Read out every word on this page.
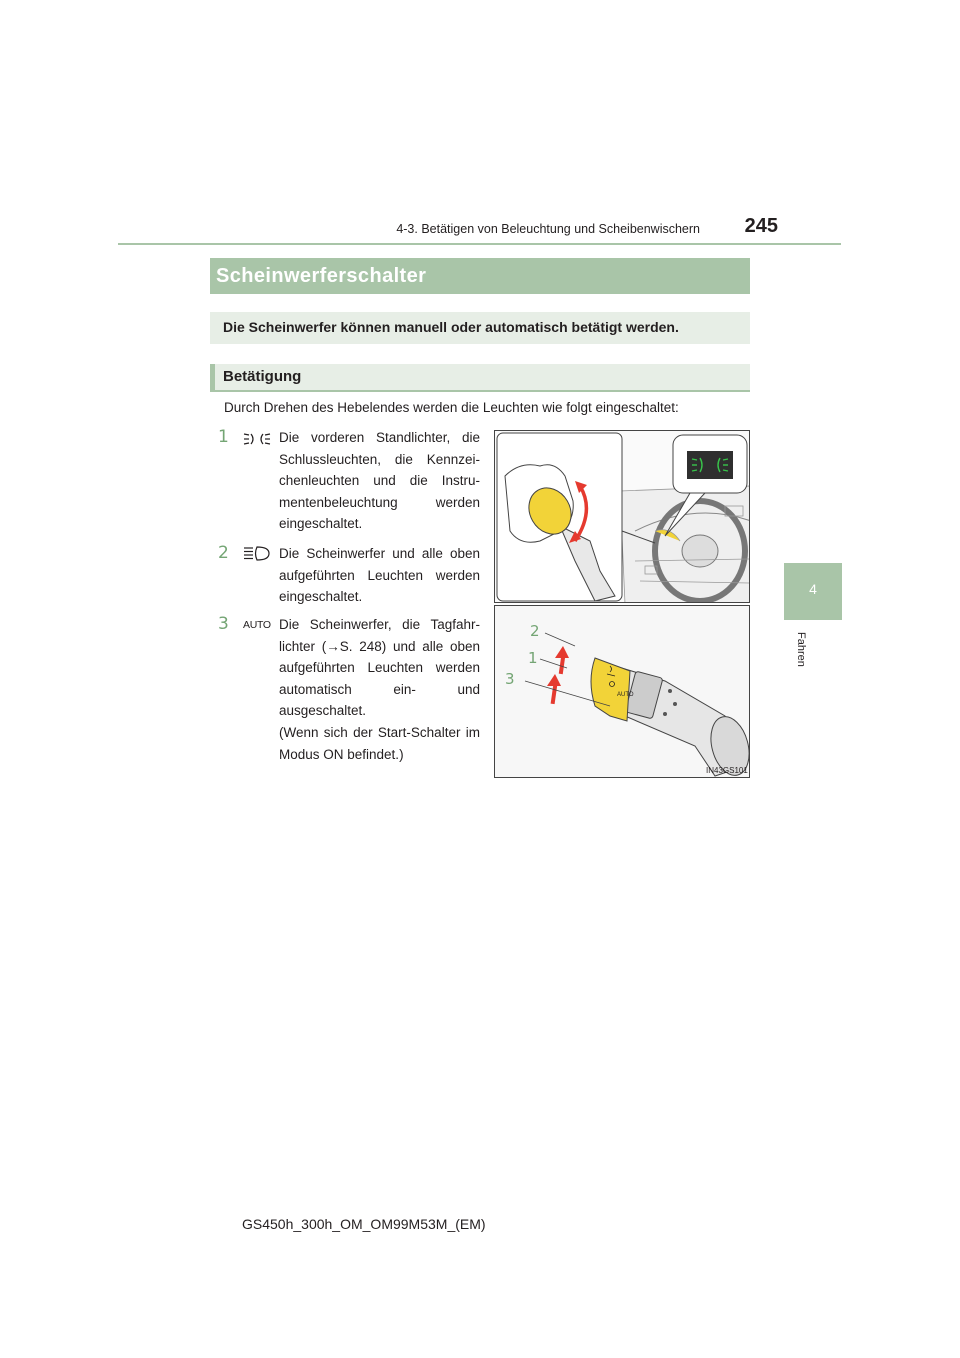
4-3. Betätigen von Beleuchtung und Scheibenwischern	245
4
Fahren
Scheinwerferschalter
Die Scheinwerfer können manuell oder automatisch betätigt werden.
Betätigung
Durch Drehen des Hebelendes werden die Leuchten wie folgt eingeschaltet:
1	Die vorderen Standlichter, die Schlussleuchten, die Kennzeichenleuchten und die Instrumentenbeleuchtung werden eingeschaltet.
2	Die Scheinwerfer und alle oben aufgeführten Leuchten werden eingeschaltet.
3 AUTO Die Scheinwerfer, die Tagfahrlichter (→S. 248) und alle oben aufgeführten Leuchten werden automatisch ein- und ausgeschaltet.
(Wenn sich der Start-Schalter im Modus ON befindet.)
AUTO
2
1
3
IN43GS101
GS450h_300h_OM_OM99M53M_(EM)
